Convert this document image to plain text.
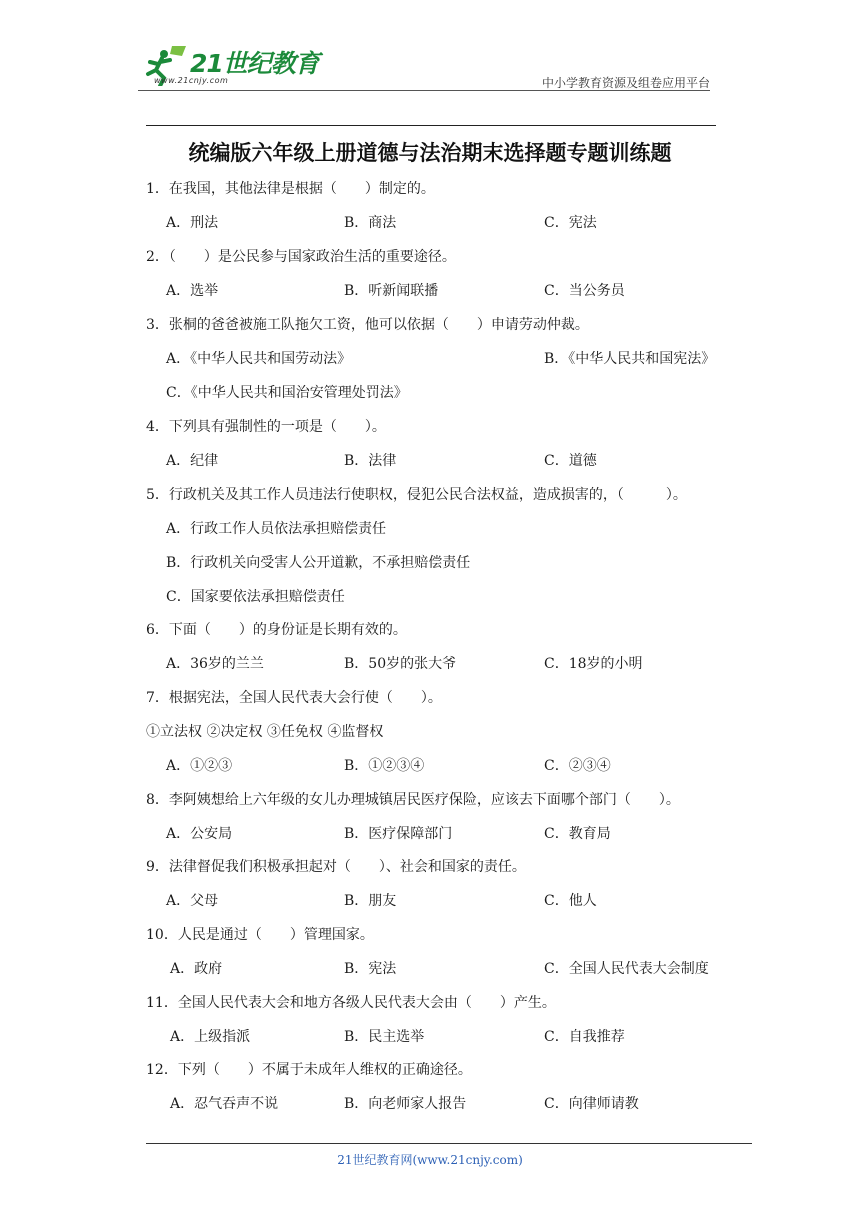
21世纪教育
www.21cnjy.com	中小学教育资源及组卷应用平台
统编版六年级上册道德与法治期末选择题专题训练题
1．在我国，其他法律是根据（　　）制定的。
A．刑法	B．商法	C．宪法
2．（　　）是公民参与国家政治生活的重要途径。
A．选举	B．听新闻联播	C．当公务员
3．张桐的爸爸被施工队拖欠工资，他可以依据（　　）申请劳动仲裁。
A．《中华人民共和国劳动法》	B．《中华人民共和国宪法》
C．《中华人民共和国治安管理处罚法》
4．下列具有强制性的一项是（　　）。
A．纪律	B．法律	C．道德
5．行政机关及其工作人员违法行使职权，侵犯公民合法权益，造成损害的，（　　　）。
A．行政工作人员依法承担赔偿责任
B．行政机关向受害人公开道歉，不承担赔偿责任
C．国家要依法承担赔偿责任
6．下面（　　）的身份证是长期有效的。
A．36岁的兰兰	B．50岁的张大爷	C．18岁的小明
7．根据宪法，全国人民代表大会行使（　　）。
①立法权 ②决定权 ③任免权 ④监督权
A．①②③	B．①②③④	C．②③④
8．李阿姨想给上六年级的女儿办理城镇居民医疗保险，应该去下面哪个部门（　　）。
A．公安局	B．医疗保障部门	C．教育局
9．法律督促我们积极承担起对（　　）、社会和国家的责任。
A．父母	B．朋友	C．他人
10．人民是通过（　　）管理国家。
A．政府	B．宪法	C．全国人民代表大会制度
11．全国人民代表大会和地方各级人民代表大会由（　　）产生。
A．上级指派	B．民主选举	C．自我推荐
12．下列（　　）不属于未成年人维权的正确途径。
A．忍气吞声不说	B．向老师家人报告	C．向律师请教
21世纪教育网(www.21cnjy.com)
